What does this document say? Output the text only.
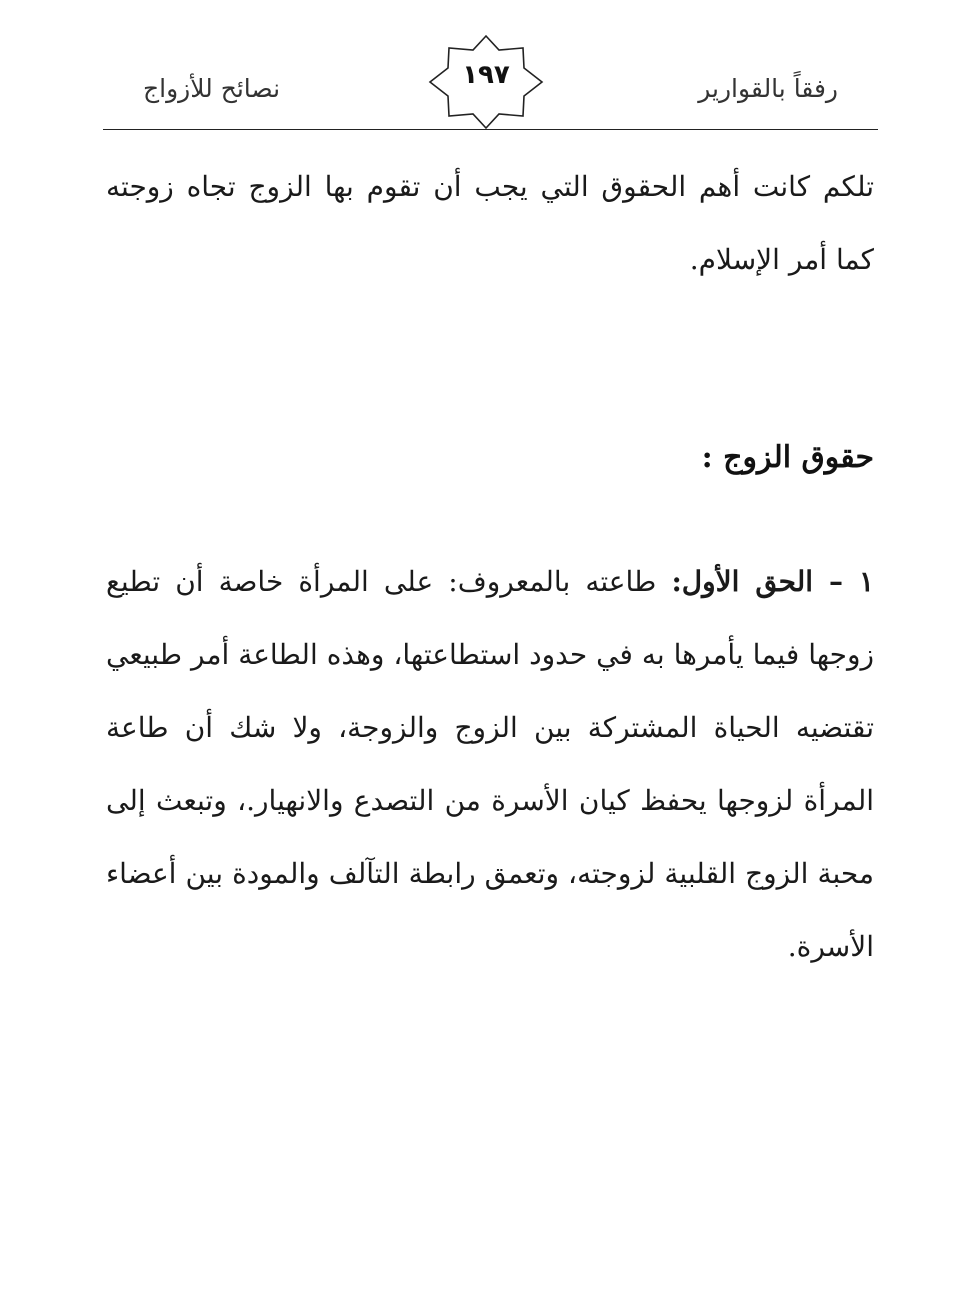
رفقاً بالقوارير
١٩٧
نصائح للأزواج

تلكم كانت أهم الحقوق التي يجب أن تقوم بها الزوج تجاه زوجته كما أمر الإسلام.

حقوق الزوج :

١ – الحق الأول: طاعته بالمعروف: على المرأة خاصة أن تطيع زوجها فيما يأمرها به في حدود استطاعتها، وهذه الطاعة أمر طبيعي تقتضيه الحياة المشتركة بين الزوج والزوجة، ولا شك أن طاعة المرأة لزوجها يحفظ كيان الأسرة من التصدع والانهيار.، وتبعث إلى محبة الزوج القلبية لزوجته، وتعمق رابطة التآلف والمودة بين أعضاء الأسرة.
